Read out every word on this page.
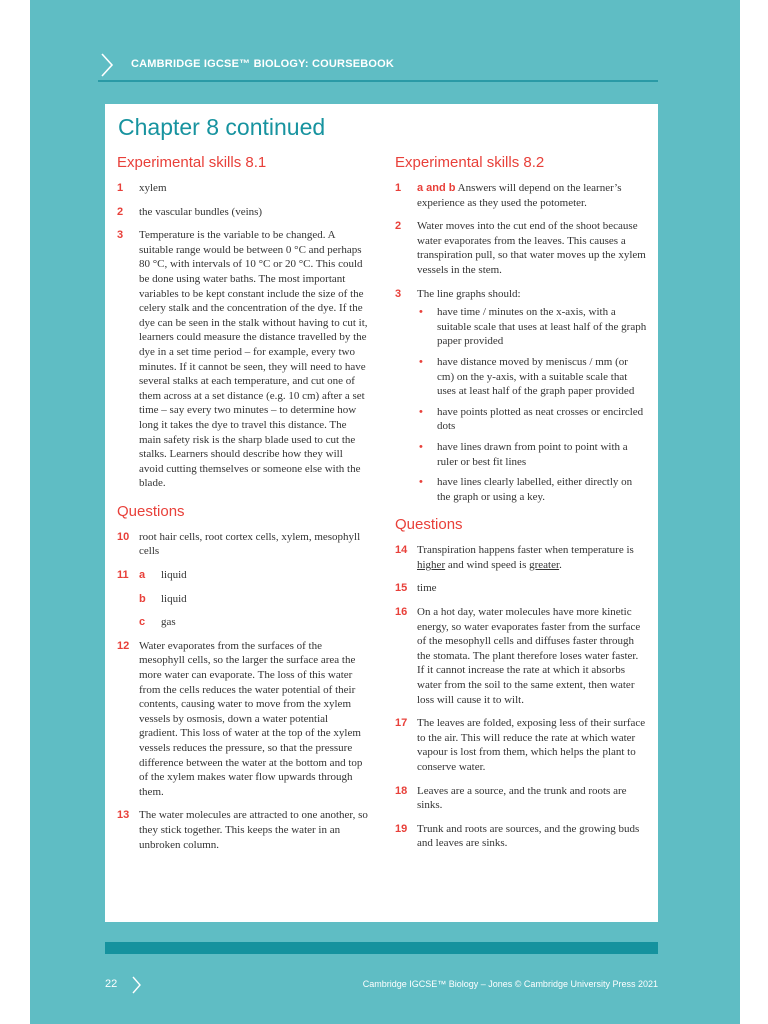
CAMBRIDGE IGCSE™ BIOLOGY: COURSEBOOK
Chapter 8 continued
Experimental skills 8.1
1 xylem
2 the vascular bundles (veins)
3 Temperature is the variable to be changed. A suitable range would be between 0 °C and perhaps 80 °C, with intervals of 10 °C or 20 °C. This could be done using water baths. The most important variables to be kept constant include the size of the celery stalk and the concentration of the dye. If the dye can be seen in the stalk without having to cut it, learners could measure the distance travelled by the dye in a set time period – for example, every two minutes. If it cannot be seen, they will need to have several stalks at each temperature, and cut one of them across at a set distance (e.g. 10 cm) after a set time – say every two minutes – to determine how long it takes the dye to travel this distance. The main safety risk is the sharp blade used to cut the stalks. Learners should describe how they will avoid cutting themselves or someone else with the blade.
Questions
10 root hair cells, root cortex cells, xylem, mesophyll cells
11 a liquid
b liquid
c gas
12 Water evaporates from the surfaces of the mesophyll cells, so the larger the surface area the more water can evaporate. The loss of this water from the cells reduces the water potential of their contents, causing water to move from the xylem vessels by osmosis, down a water potential gradient. This loss of water at the top of the xylem vessels reduces the pressure, so that the pressure difference between the water at the bottom and top of the xylem makes water flow upwards through them.
13 The water molecules are attracted to one another, so they stick together. This keeps the water in an unbroken column.
Experimental skills 8.2
1 a and b Answers will depend on the learner’s experience as they used the potometer.
2 Water moves into the cut end of the shoot because water evaporates from the leaves. This causes a transpiration pull, so that water moves up the xylem vessels in the stem.
3 The line graphs should:
• have time / minutes on the x-axis, with a suitable scale that uses at least half of the graph paper provided
• have distance moved by meniscus / mm (or cm) on the y-axis, with a suitable scale that uses at least half of the graph paper provided
• have points plotted as neat crosses or encircled dots
• have lines drawn from point to point with a ruler or best fit lines
• have lines clearly labelled, either directly on the graph or using a key.
Questions
14 Transpiration happens faster when temperature is higher and wind speed is greater.
15 time
16 On a hot day, water molecules have more kinetic energy, so water evaporates faster from the surface of the mesophyll cells and diffuses faster through the stomata. The plant therefore loses water faster. If it cannot increase the rate at which it absorbs water from the soil to the same extent, then water loss will cause it to wilt.
17 The leaves are folded, exposing less of their surface to the air. This will reduce the rate at which water vapour is lost from them, which helps the plant to conserve water.
18 Leaves are a source, and the trunk and roots are sinks.
19 Trunk and roots are sources, and the growing buds and leaves are sinks.
22	Cambridge IGCSE™ Biology – Jones © Cambridge University Press 2021
